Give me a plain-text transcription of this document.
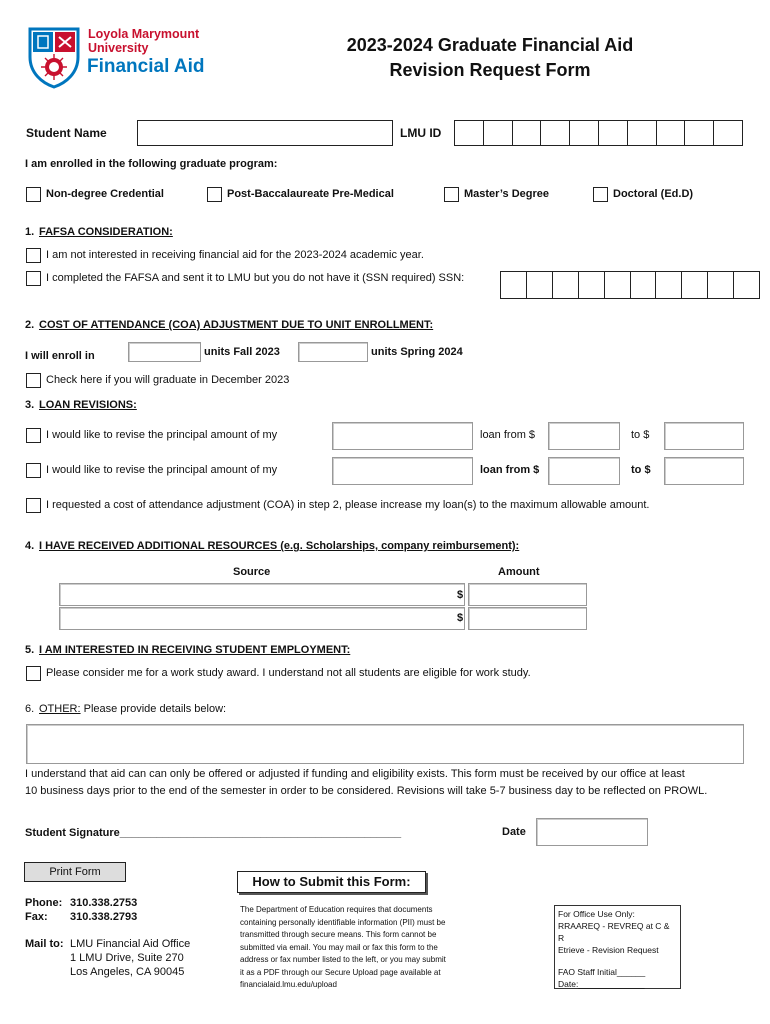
Loyola Marymount
University
Financial Aid
2023-2024 Graduate Financial Aid
Revision Request Form
Student Name	LMU ID
I am enrolled in the following graduate program:
Non-degree Credential	Post-Baccalaureate Pre-Medical	Master’s Degree	Doctoral (Ed.D)
1. FAFSA CONSIDERATION:
I am not interested in receiving financial aid for the 2023-2024 academic year.
I completed the FAFSA and sent it to LMU but you do not have it (SSN required) SSN:
2. COST OF ATTENDANCE (COA) ADJUSTMENT DUE TO UNIT ENROLLMENT:
I will enroll in	units Fall 2023	units Spring 2024
Check here if you will graduate in December 2023
3. LOAN REVISIONS:
I would like to revise the principal amount of my	loan from $	to $
I would like to revise the principal amount of my	loan from $	to $
I requested a cost of attendance adjustment (COA) in step 2, please increase my loan(s) to the maximum allowable amount.
4. I HAVE RECEIVED ADDITIONAL RESOURCES (e.g. Scholarships, company reimbursement):
Source	Amount
$
$
5. I AM INTERESTED IN RECEIVING STUDENT EMPLOYMENT:
Please consider me for a work study award. I understand not all students are eligible for work study.
6. OTHER: Please provide details below:
I understand that aid can can only be offered or adjusted if funding and eligibility exists. This form must be received by our office at least
10 business days prior to the end of the semester in order to be considered. Revisions will take 5-7 business day to be reflected on PROWL.
Student Signature______________________________________________	Date
Print Form
Phone: 310.338.2753
Fax: 310.338.2793
Mail to: LMU Financial Aid Office
1 LMU Drive, Suite 270
Los Angeles, CA 90045
How to Submit this Form:
The Department of Education requires that documents
containing personally identifiable information (PII) must be
transmitted through secure means. This form cannot be
submitted via email. You may mail or fax this form to the
address or fax number listed to the left, or you may submit
it as a PDF through our Secure Upload page available at
financialaid.lmu.edu/upload
For Office Use Only:
RRAAREQ - REVREQ at C & R
Etrieve - Revision Request
FAO Staff Initial______
Date:______________
